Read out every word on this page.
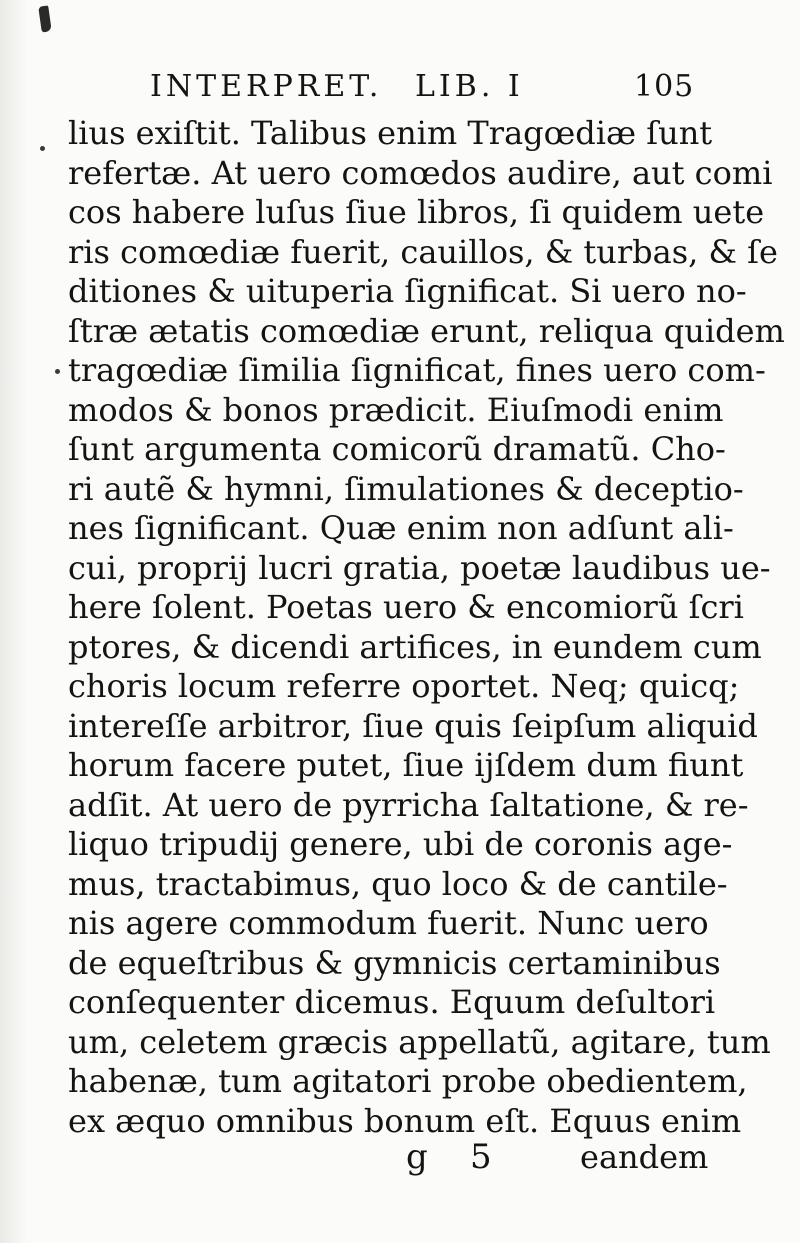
INTERPRET. LIB. I	105
lius exiſtit. Talibus enim Tragœdiæ ſunt
refertæ. At uero comœdos audire, aut comi
cos habere luſus ſiue libros, ſi quidem uete
ris comœdiæ fuerit, cauillos, & turbas, & ſe
ditiones & uituperia ſignificat. Si uero no-
ſtræ ætatis comœdiæ erunt, reliqua quidem
tragœdiæ ſimilia ſignificat, fines uero com-
modos & bonos prædicit. Eiuſmodi enim
ſunt argumenta comicorũ dramatũ. Cho-
ri autẽ & hymni, ſimulationes & deceptio-
nes ſignificant. Quæ enim non adſunt ali-
cui, proprij lucri gratia, poetæ laudibus ue-
here ſolent. Poetas uero & encomiorũ ſcri
ptores, & dicendi artifices, in eundem cum
choris locum referre oportet. Neq; quicq;
intereſſe arbitror, ſiue quis ſeipſum aliquid
horum facere putet, ſiue ijſdem dum fiunt
adſit. At uero de pyrricha ſaltatione, & re-
liquo tripudij genere, ubi de coronis age-
mus, tractabimus, quo loco & de cantile-
nis agere commodum fuerit. Nunc uero
de equeſtribus & gymnicis certaminibus
conſequenter dicemus. Equum deſultori
um, celetem græcis appellatũ, agitare, tum
habenæ, tum agitatori probe obedientem,
ex æquo omnibus bonum eſt. Equus enim
g 5	eandem
